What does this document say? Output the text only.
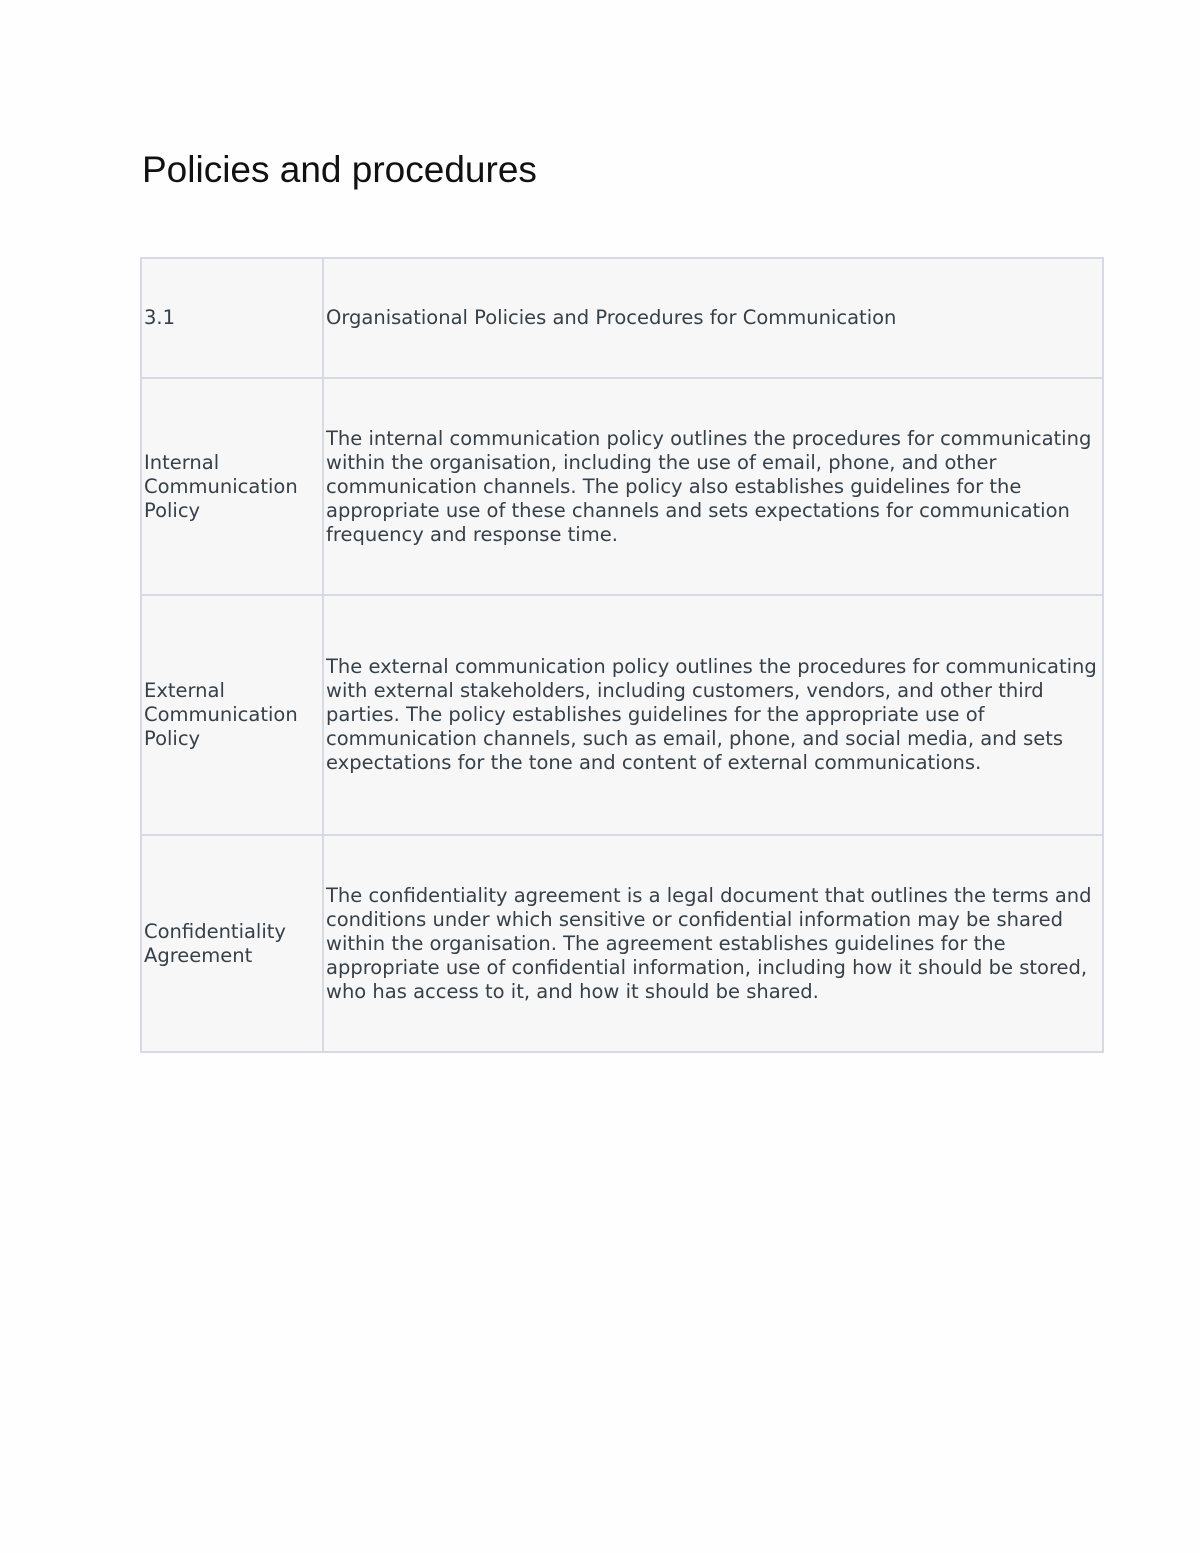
Policies and procedures
3.1	Organisational Policies and Procedures for Communication
Internal Communication Policy	The internal communication policy outlines the procedures for communicating within the organisation, including the use of email, phone, and other communication channels. The policy also establishes guidelines for the appropriate use of these channels and sets expectations for communication frequency and response time.
External Communication Policy	The external communication policy outlines the procedures for communicating with external stakeholders, including customers, vendors, and other third parties. The policy establishes guidelines for the appropriate use of communication channels, such as email, phone, and social media, and sets expectations for the tone and content of external communications.
Confidentiality Agreement	The confidentiality agreement is a legal document that outlines the terms and conditions under which sensitive or confidential information may be shared within the organisation. The agreement establishes guidelines for the appropriate use of confidential information, including how it should be stored, who has access to it, and how it should be shared.
